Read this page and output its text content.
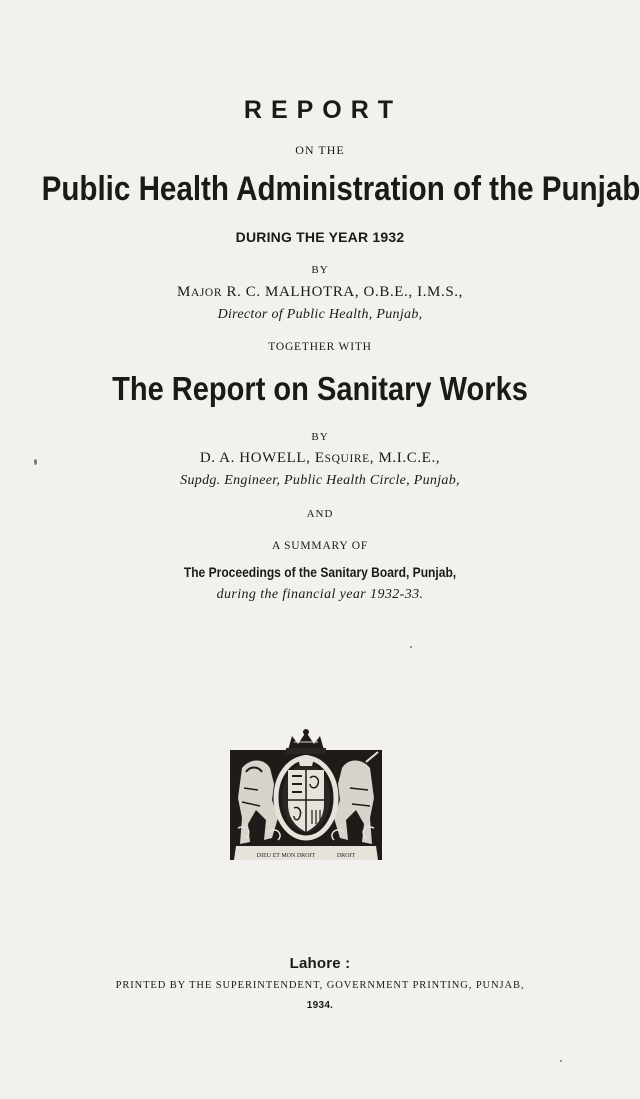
REPORT
ON THE
Public Health Administration of the Punjab
DURING THE YEAR 1932
BY
MAJOR R. C. MALHOTRA, O.B.E., I.M.S.,
Director of Public Health, Punjab,
TOGETHER WITH
The Report on Sanitary Works
BY
D. A. HOWELL, ESQUIRE, M.I.C.E.,
Supdg. Engineer, Public Health Circle, Punjab,
AND
A SUMMARY OF
The Proceedings of the Sanitary Board, Punjab,
during the financial year 1932-33.
DIEU ET MON DROIT	DROIT
Lahore :
PRINTED BY THE SUPERINTENDENT, GOVERNMENT PRINTING, PUNJAB,
1934.
